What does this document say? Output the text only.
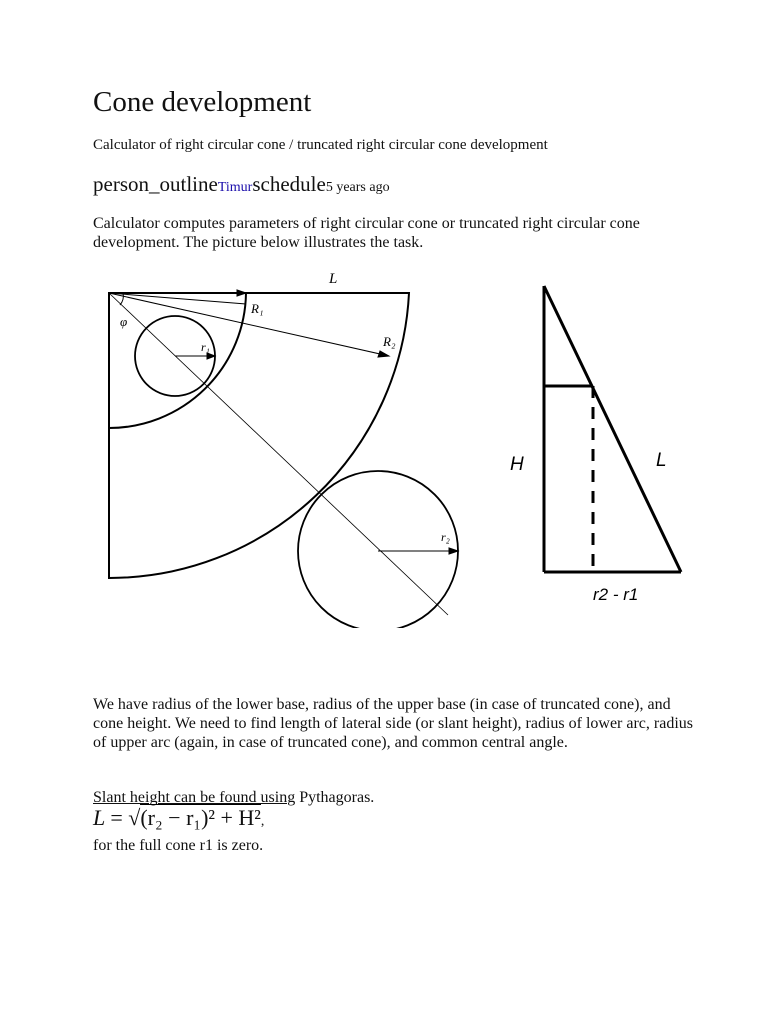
Cone development
Calculator of right circular cone / truncated right circular cone development
person_outlineTimurschedule5 years ago
Calculator computes parameters of right circular cone or truncated right circular cone development. The picture below illustrates the task.
L
R₁
R₂
φ
r₁
r₂
H	L
r2 - r1
We have radius of the lower base, radius of the upper base (in case of truncated cone), and cone height. We need to find length of lateral side (or slant height), radius of lower arc, radius of upper arc (again, in case of truncated cone), and common central angle.
Slant height can be found using Pythagoras.
L = √(r₂ − r₁)² + H²,
for the full cone r1 is zero.
